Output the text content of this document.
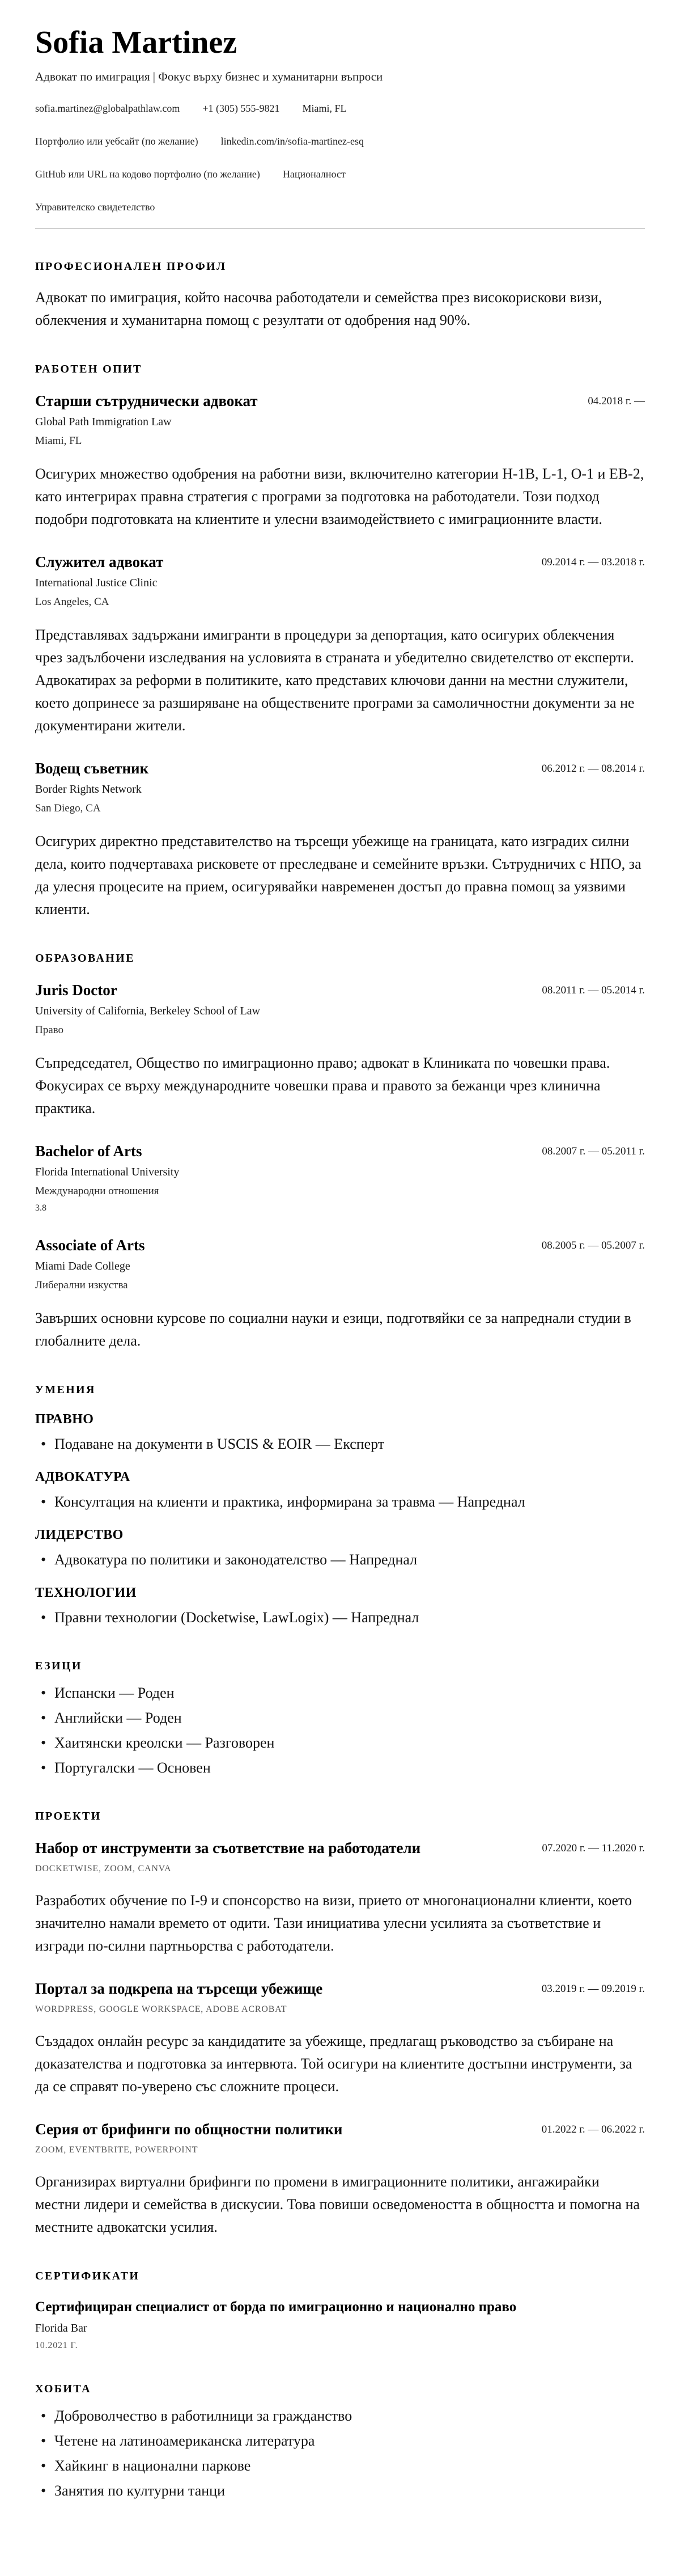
Sofia Martinez
Адвокат по имиграция | Фокус върху бизнес и хуманитарни въпроси
sofia.martinez@globalpathlaw.com +1 (305) 555-9821 Miami, FL
Портфолио или уебсайт (по желание) linkedin.com/in/sofia-martinez-esq
GitHub или URL на кодово портфолио (по желание) Националност
Управителско свидетелство
ПРОФЕСИОНАЛЕН ПРОФИЛ

Адвокат по имиграция, който насочва работодатели и семейства през високорискови визи, облекчения и хуманитарна помощ с резултати от одобрения над 90%.

РАБОТЕН ОПИТ
Старши сътруднически адвокат	04.2018 г. —
Global Path Immigration Law
Miami, FL

Осигурих множество одобрения на работни визи, включително категории H-1B, L-1, O-1 и EB-2, като интегрирах правна стратегия с програми за подготовка на работодатели. Този подход подобри подготовката на клиентите и улесни взаимодействието с имиграционните власти.

Служител адвокат	09.2014 г. — 03.2018 г.
International Justice Clinic
Los Angeles, CA

Представлявах задържани имигранти в процедури за депортация, като осигурих облекчения чрез задълбочени изследвания на условията в страната и убедително свидетелство от експерти. Адвокатирах за реформи в политиките, като представих ключови данни на местни служители, което допринесе за разширяване на обществените програми за самоличностни документи за не документирани жители.

Водещ съветник	06.2012 г. — 08.2014 г.
Border Rights Network
San Diego, CA

Осигурих директно представителство на търсещи убежище на границата, като изградих силни дела, които подчертаваха рисковете от преследване и семейните връзки. Сътрудничих с НПО, за да улесня процесите на прием, осигурявайки навременен достъп до правна помощ за уязвими клиенти.

ОБРАЗОВАНИЕ
Juris Doctor	08.2011 г. — 05.2014 г.
University of California, Berkeley School of Law
Право

Съпредседател, Общество по имиграционно право; адвокат в Клиниката по човешки права. Фокусирах се върху международните човешки права и правото за бежанци чрез клинична практика.

Bachelor of Arts	08.2007 г. — 05.2011 г.
Florida International University
Международни отношения
3.8
Associate of Arts	08.2005 г. — 05.2007 г.
Miami Dade College
Либерални изкуства

Завърших основни курсове по социални науки и езици, подготвяйки се за напреднали студии в глобалните дела.

УМЕНИЯ
ПРАВНО
• Подаване на документи в USCIS & EOIR — Експерт
АДВОКАТУРА
• Консултация на клиенти и практика, информирана за травма — Напреднал
ЛИДЕРСТВО
• Адвокатура по политики и законодателство — Напреднал
ТЕХНОЛОГИИ
• Правни технологии (Docketwise, LawLogix) — Напреднал
ЕЗИЦИ
• Испански — Роден
• Английски — Роден
• Хаитянски креолски — Разговорен
• Португалски — Основен
ПРОЕКТИ
Набор от инструменти за съответствие на работодатели	07.2020 г. — 11.2020 г.
DOCKETWISE, ZOOM, CANVA

Разработих обучение по I-9 и спонсорство на визи, прието от многонационални клиенти, което значително намали времето от одити. Тази инициатива улесни усилията за съответствие и изгради по-силни партньорства с работодатели.

Портал за подкрепа на търсещи убежище	03.2019 г. — 09.2019 г.
WORDPRESS, GOOGLE WORKSPACE, ADOBE ACROBAT

Създадох онлайн ресурс за кандидатите за убежище, предлагащ ръководство за събиране на доказателства и подготовка за интервюта. Той осигури на клиентите достъпни инструменти, за да се справят по-уверено със сложните процеси.

Серия от брифинги по общностни политики	01.2022 г. — 06.2022 г.
ZOOM, EVENTBRITE, POWERPOINT

Организирах виртуални брифинги по промени в имиграционните политики, ангажирайки местни лидери и семейства в дискусии. Това повиши осведомеността в общността и помогна на местните адвокатски усилия.

СЕРТИФИКАТИ
Сертифициран специалист от борда по имиграционно и национално право
Florida Bar
10.2021 Г.
ХОБИТА
• Доброволчество в работилници за гражданство
• Четене на латиноамериканска литература
• Хайкинг в национални паркове
• Занятия по културни танци
